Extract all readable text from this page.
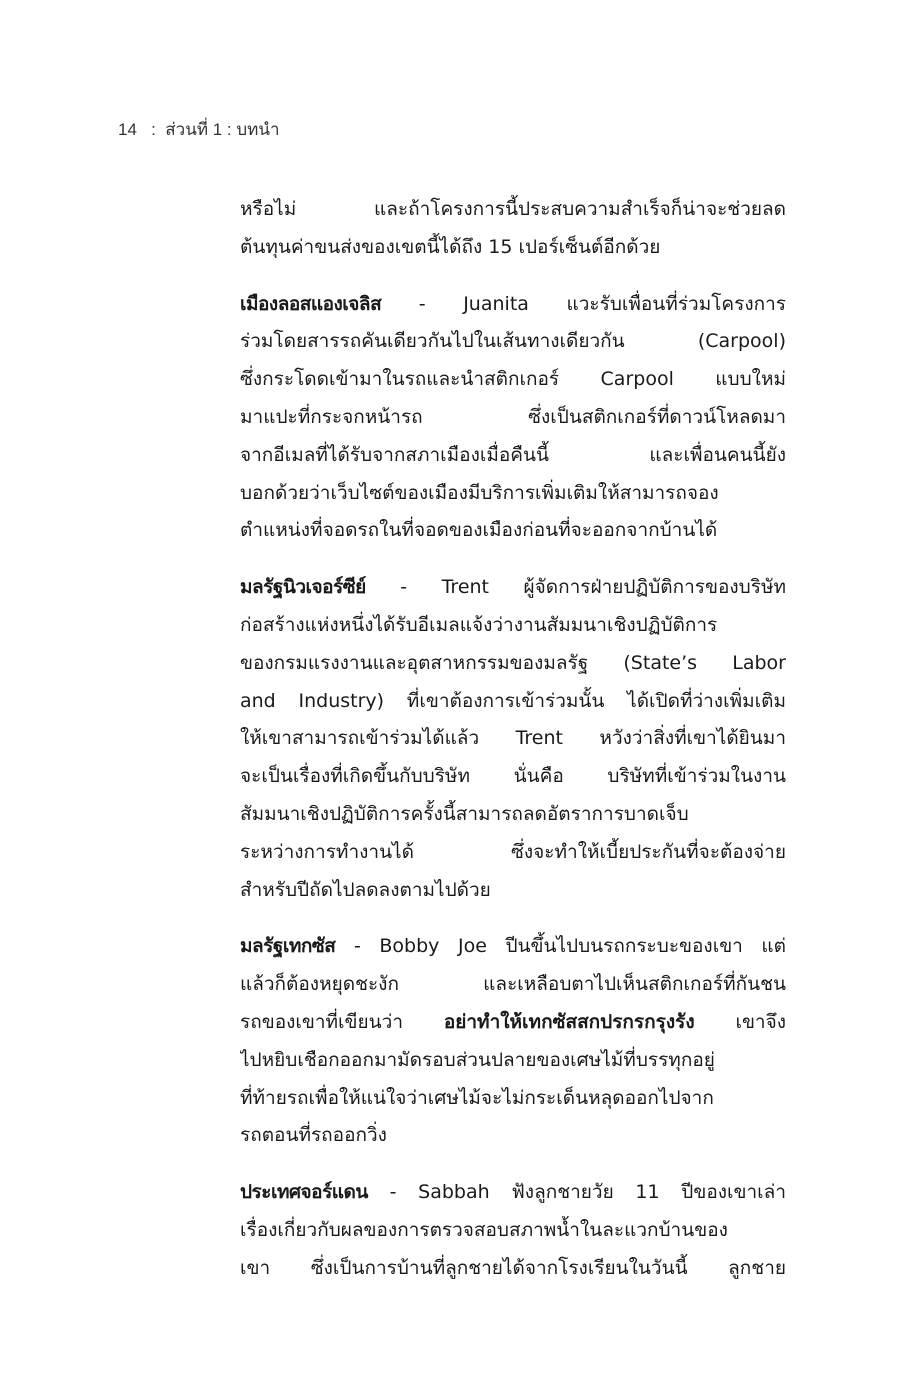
14 : ส่วนที่ 1 : บทนำ
หรือไม่ และถ้าโครงการนี้ประสบความสำเร็จก็น่าจะช่วยลด
ต้นทุนค่าขนส่งของเขตนี้ได้ถึง 15 เปอร์เซ็นต์อีกด้วย
เมืองลอสแองเจลิส - Juanita แวะรับเพื่อนที่ร่วมโครงการ
ร่วมโดยสารรถคันเดียวกันไปในเส้นทางเดียวกัน (Carpool)
ซึ่งกระโดดเข้ามาในรถและนำสติกเกอร์ Carpool แบบใหม่
มาแปะที่กระจกหน้ารถ ซึ่งเป็นสติกเกอร์ที่ดาวน์โหลดมา
จากอีเมลที่ได้รับจากสภาเมืองเมื่อคืนนี้ และเพื่อนคนนี้ยัง
บอกด้วยว่าเว็บไซต์ของเมืองมีบริการเพิ่มเติมให้สามารถจอง
ตำแหน่งที่จอดรถในที่จอดของเมืองก่อนที่จะออกจากบ้านได้
มลรัฐนิวเจอร์ซีย์ - Trent ผู้จัดการฝ่ายปฏิบัติการของบริษัท
ก่อสร้างแห่งหนึ่งได้รับอีเมลแจ้งว่างานสัมมนาเชิงปฏิบัติการ
ของกรมแรงงานและอุตสาหกรรมของมลรัฐ (State’s Labor
and Industry) ที่เขาต้องการเข้าร่วมนั้น ได้เปิดที่ว่างเพิ่มเติม
ให้เขาสามารถเข้าร่วมได้แล้ว Trent หวังว่าสิ่งที่เขาได้ยินมา
จะเป็นเรื่องที่เกิดขึ้นกับบริษัท นั่นคือ บริษัทที่เข้าร่วมในงาน
สัมมนาเชิงปฏิบัติการครั้งนี้สามารถลดอัตราการบาดเจ็บ
ระหว่างการทำงานได้ ซึ่งจะทำให้เบี้ยประกันที่จะต้องจ่าย
สำหรับปีถัดไปลดลงตามไปด้วย
มลรัฐเทกซัส - Bobby Joe ปีนขึ้นไปบนรถกระบะของเขา แต่
แล้วก็ต้องหยุดชะงัก และเหลือบตาไปเห็นสติกเกอร์ที่กันชน
รถของเขาที่เขียนว่า อย่าทำให้เทกซัสสกปรกรกรุงรัง เขาจึง
ไปหยิบเชือกออกมามัดรอบส่วนปลายของเศษไม้ที่บรรทุกอยู่
ที่ท้ายรถเพื่อให้แน่ใจว่าเศษไม้จะไม่กระเด็นหลุดออกไปจาก
รถตอนที่รถออกวิ่ง
ประเทศจอร์แดน - Sabbah ฟังลูกชายวัย 11 ปีของเขาเล่า
เรื่องเกี่ยวกับผลของการตรวจสอบสภาพน้ำในละแวกบ้านของ
เขา ซึ่งเป็นการบ้านที่ลูกชายได้จากโรงเรียนในวันนี้ ลูกชาย
